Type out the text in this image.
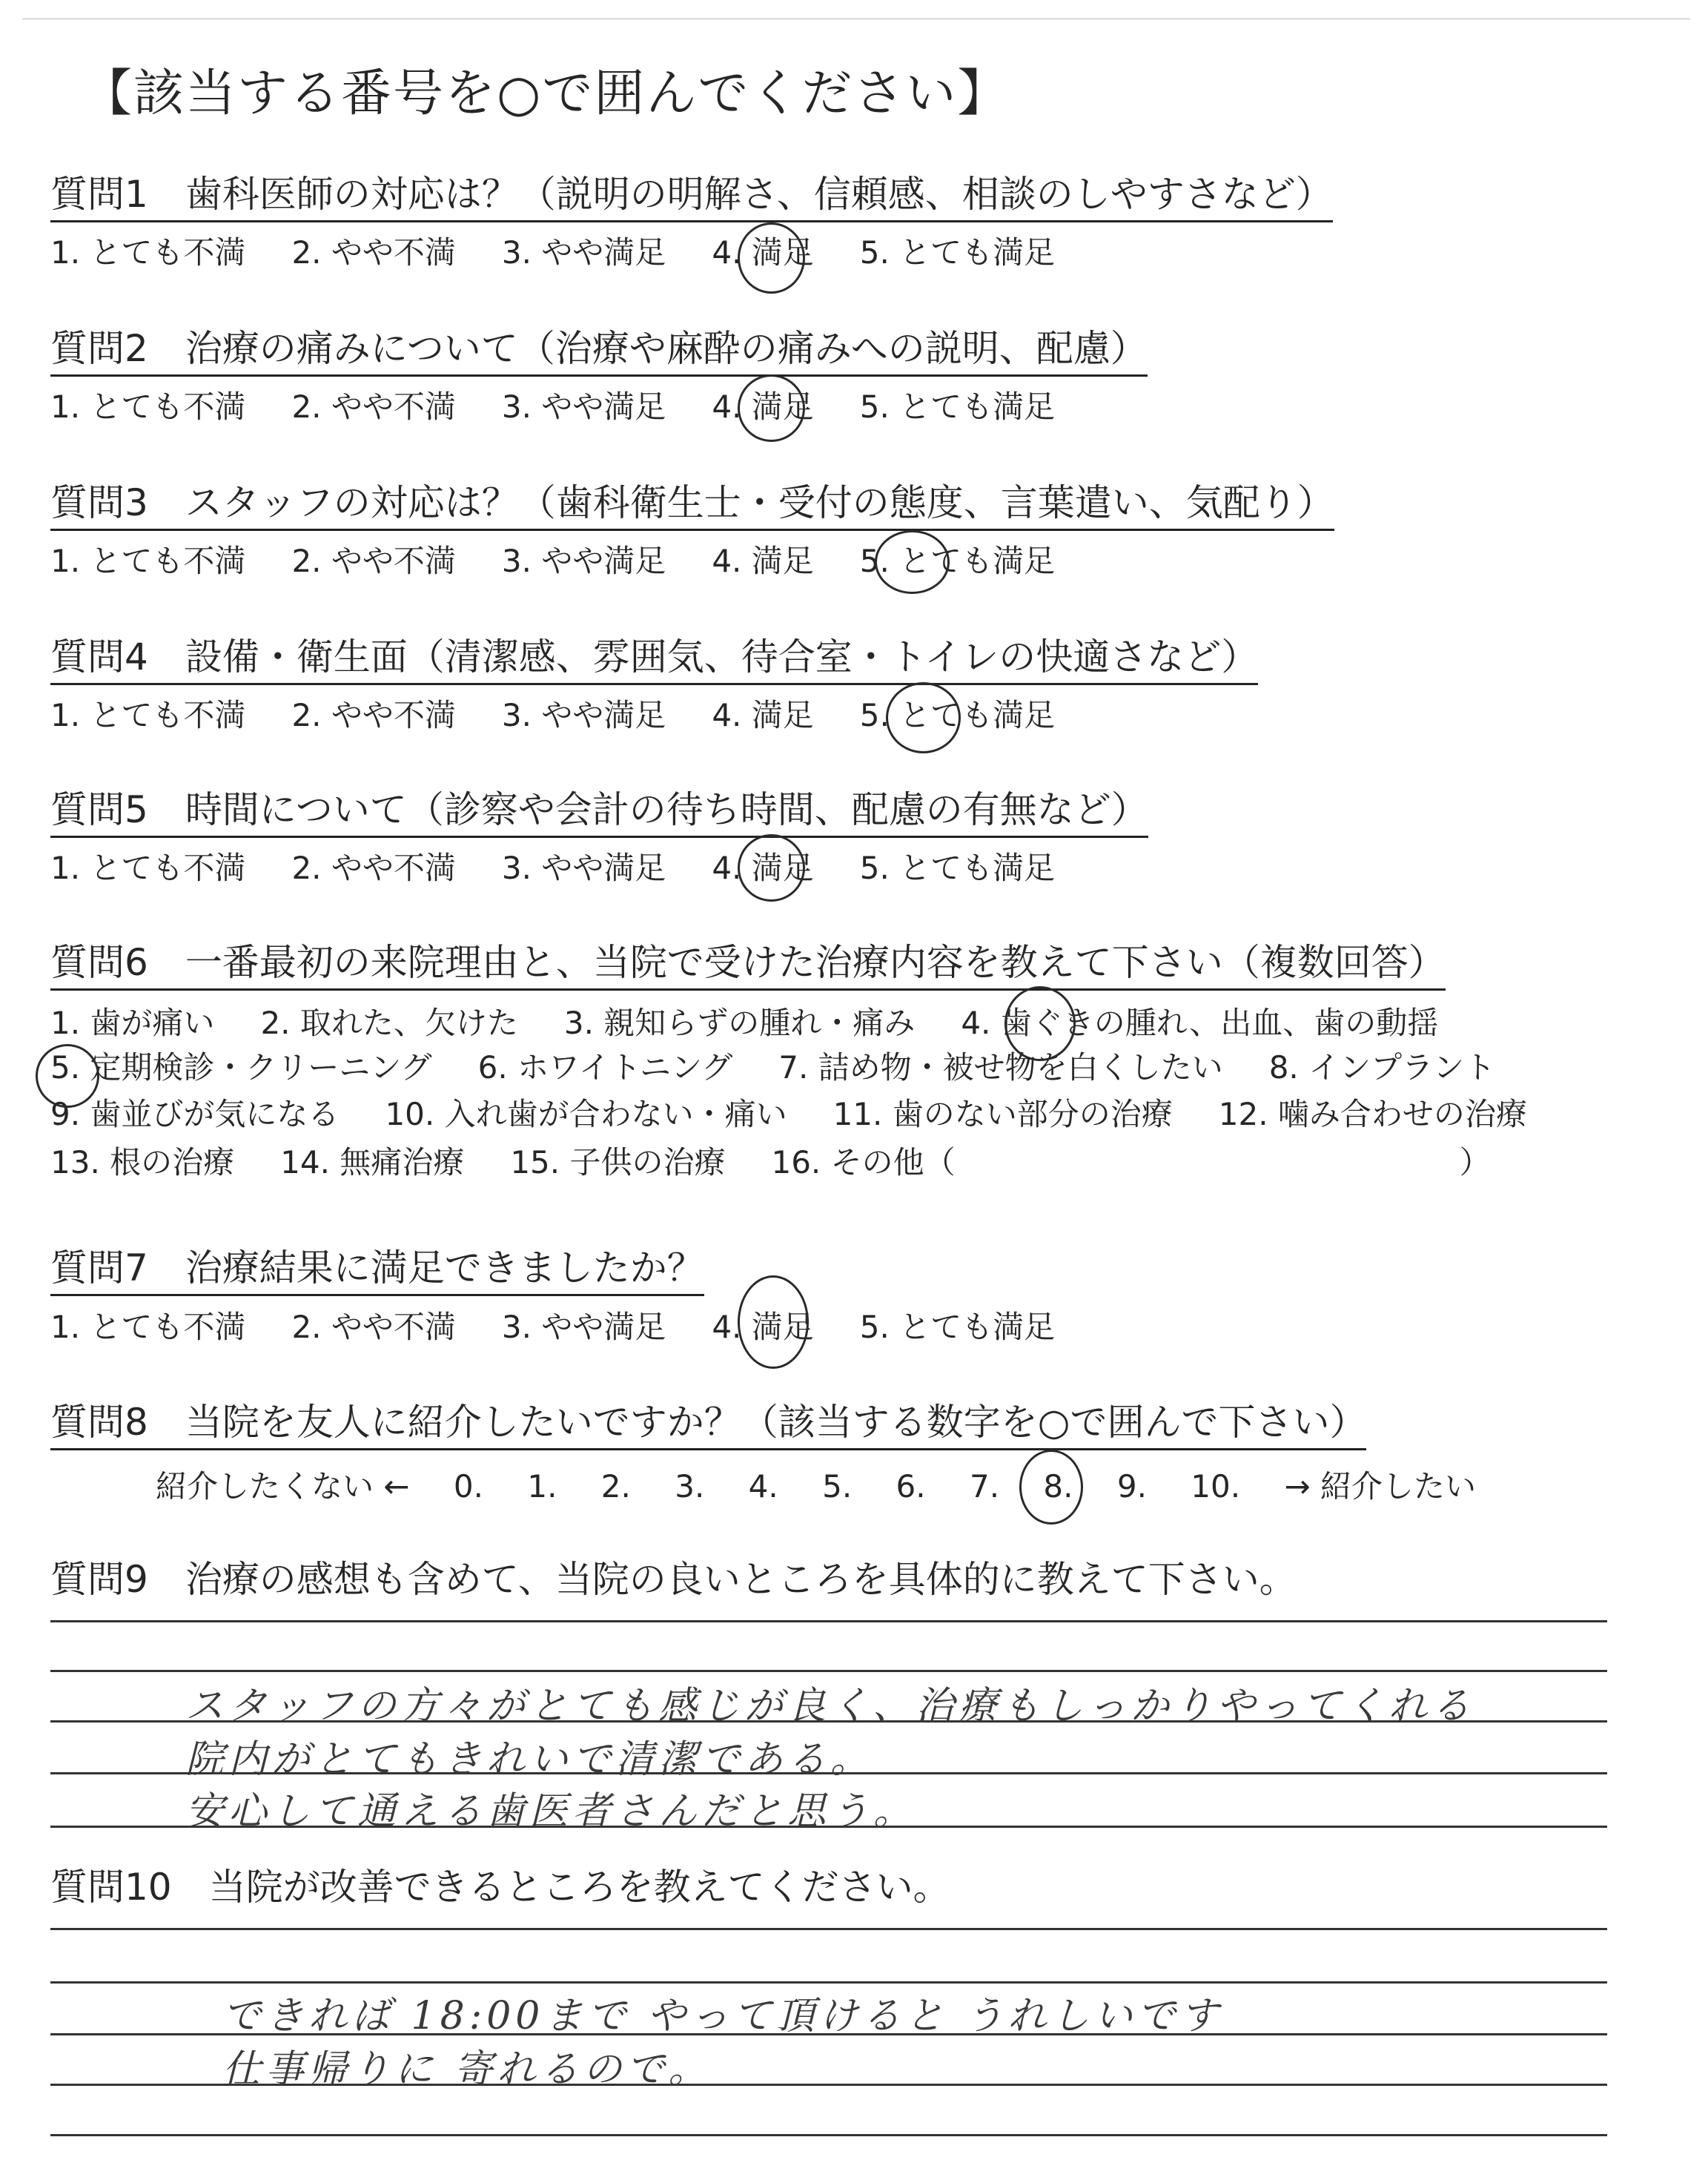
【該当する番号を○で囲んでください】
質問1　 歯科医師の対応は？（説明の明解さ、信頼感、相談のしやすさなど）
1. とても不満 2. やや不満 3. やや満足 4. 満足 5. とても満足
質問2　 治療の痛みについて（治療や麻酔の痛みへの説明、配慮）
1. とても不満 2. やや不満 3. やや満足 4. 満足 5. とても満足
質問3　 スタッフの対応は？（歯科衛生士・受付の態度、言葉遣い、気配り）
1. とても不満 2. やや不満 3. やや満足 4. 満足 5. とても満足
質問4　 設備・衛生面（清潔感、雰囲気、待合室・トイレの快適さなど）
1. とても不満 2. やや不満 3. やや満足 4. 満足 5. とても満足
質問5　 時間について（診察や会計の待ち時間、配慮の有無など）
1. とても不満 2. やや不満 3. やや満足 4. 満足 5. とても満足
質問6　 一番最初の来院理由と、当院で受けた治療内容を教えて下さい（複数回答）
1. 歯が痛い 2. 取れた、欠けた 3. 親知らずの腫れ・痛み 4. 歯ぐきの腫れ、出血、歯の動揺
5. 定期検診・クリーニング 6. ホワイトニング 7. 詰め物・被せ物を白くしたい 8. インプラント
9. 歯並びが気になる 10. 入れ歯が合わない・痛い 11. 歯のない部分の治療 12. 噛み合わせの治療
13. 根の治療 14. 無痛治療 15. 子供の治療 16. その他（	）
質問7　 治療結果に満足できましたか？
1. とても不満 2. やや不満 3. やや満足 4. 満足 5. とても満足
質問8　 当院を友人に紹介したいですか？（該当する数字を○で囲んで下さい）
紹介したくない ← 0. 1. 2. 3. 4. 5. 6. 7. 8. 9. 10. → 紹介したい
質問9　 治療の感想も含めて、当院の良いところを具体的に教えて下さい。
スタッフの方々がとても感じが良く、治療もしっかりやってくれる
院内がとてもきれいで清潔である。
安心して通える歯医者さんだと思う。
質問10　 当院が改善できるところを教えてください。
できれば 18:00まで やって頂けると うれしいです
仕事帰りに 寄れるので。
